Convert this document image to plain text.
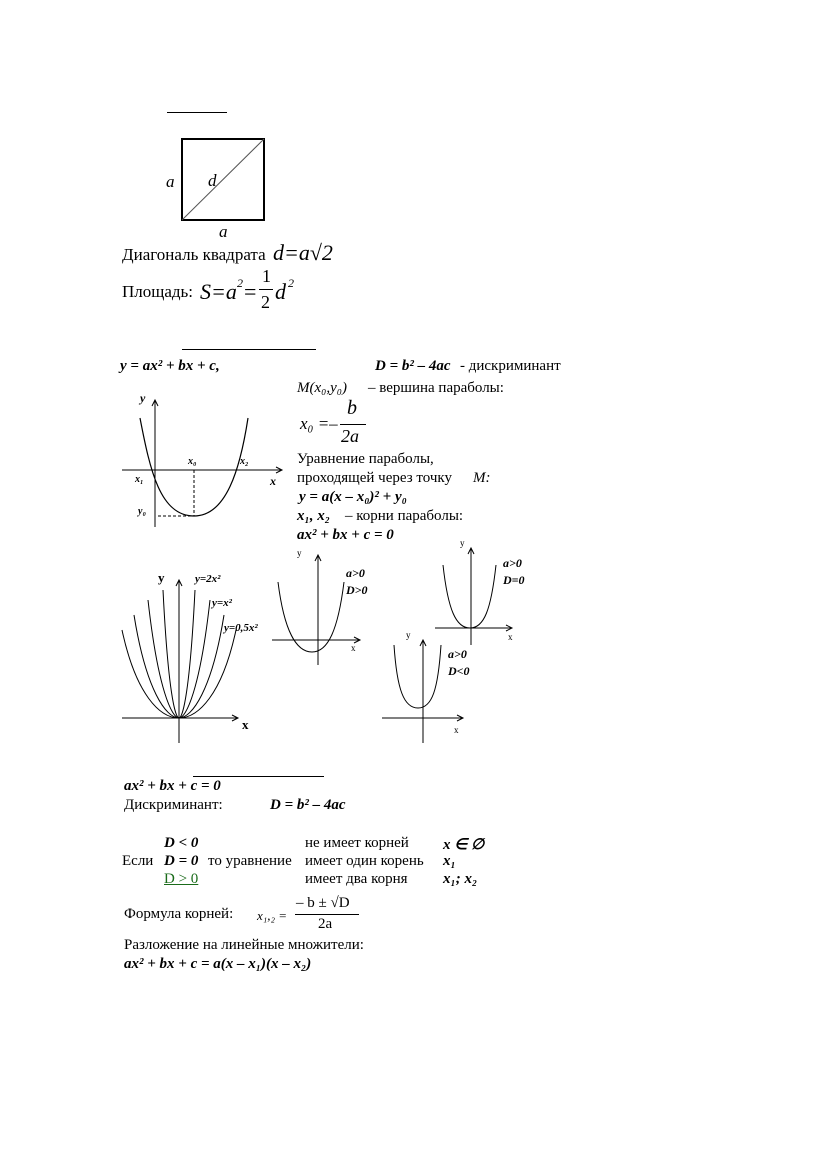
a d
a
Диагональ квадрата d=a√2
Площадь: S=a 2 =
1
2 d 2
y = ax² + bx + c,	D = b² – 4ac - дискриминант
M(x₀,y₀) – вершина параболы:
x₀ =–
b
2a
Уравнение параболы,
проходящей через точку M:
y = a(x – x₀)² + y₀
x₁, x₂ – корни параболы:
ax² + bx + c = 0
y
x
x₀
x₁
x₂
y₀
y
x
y=2x²
y=x²
y=0,5x²
y
x
a>0
D>0
y
x
a>0
D=0
y
x
a>0
D<0
ax² + bx + c = 0
Дискриминант:	D = b² – 4ac
D < 0
Если D = 0 то уравнение
D > 0
не имеет корней
имеет один корень
имеет два корня
x ∈ ∅
x₁
x₁; x₂
Формула корней: x₁,₂ =
– b ± √D
2a
Разложение на линейные множители:
ax² + bx + c = a(x – x₁)(x – x₂)
